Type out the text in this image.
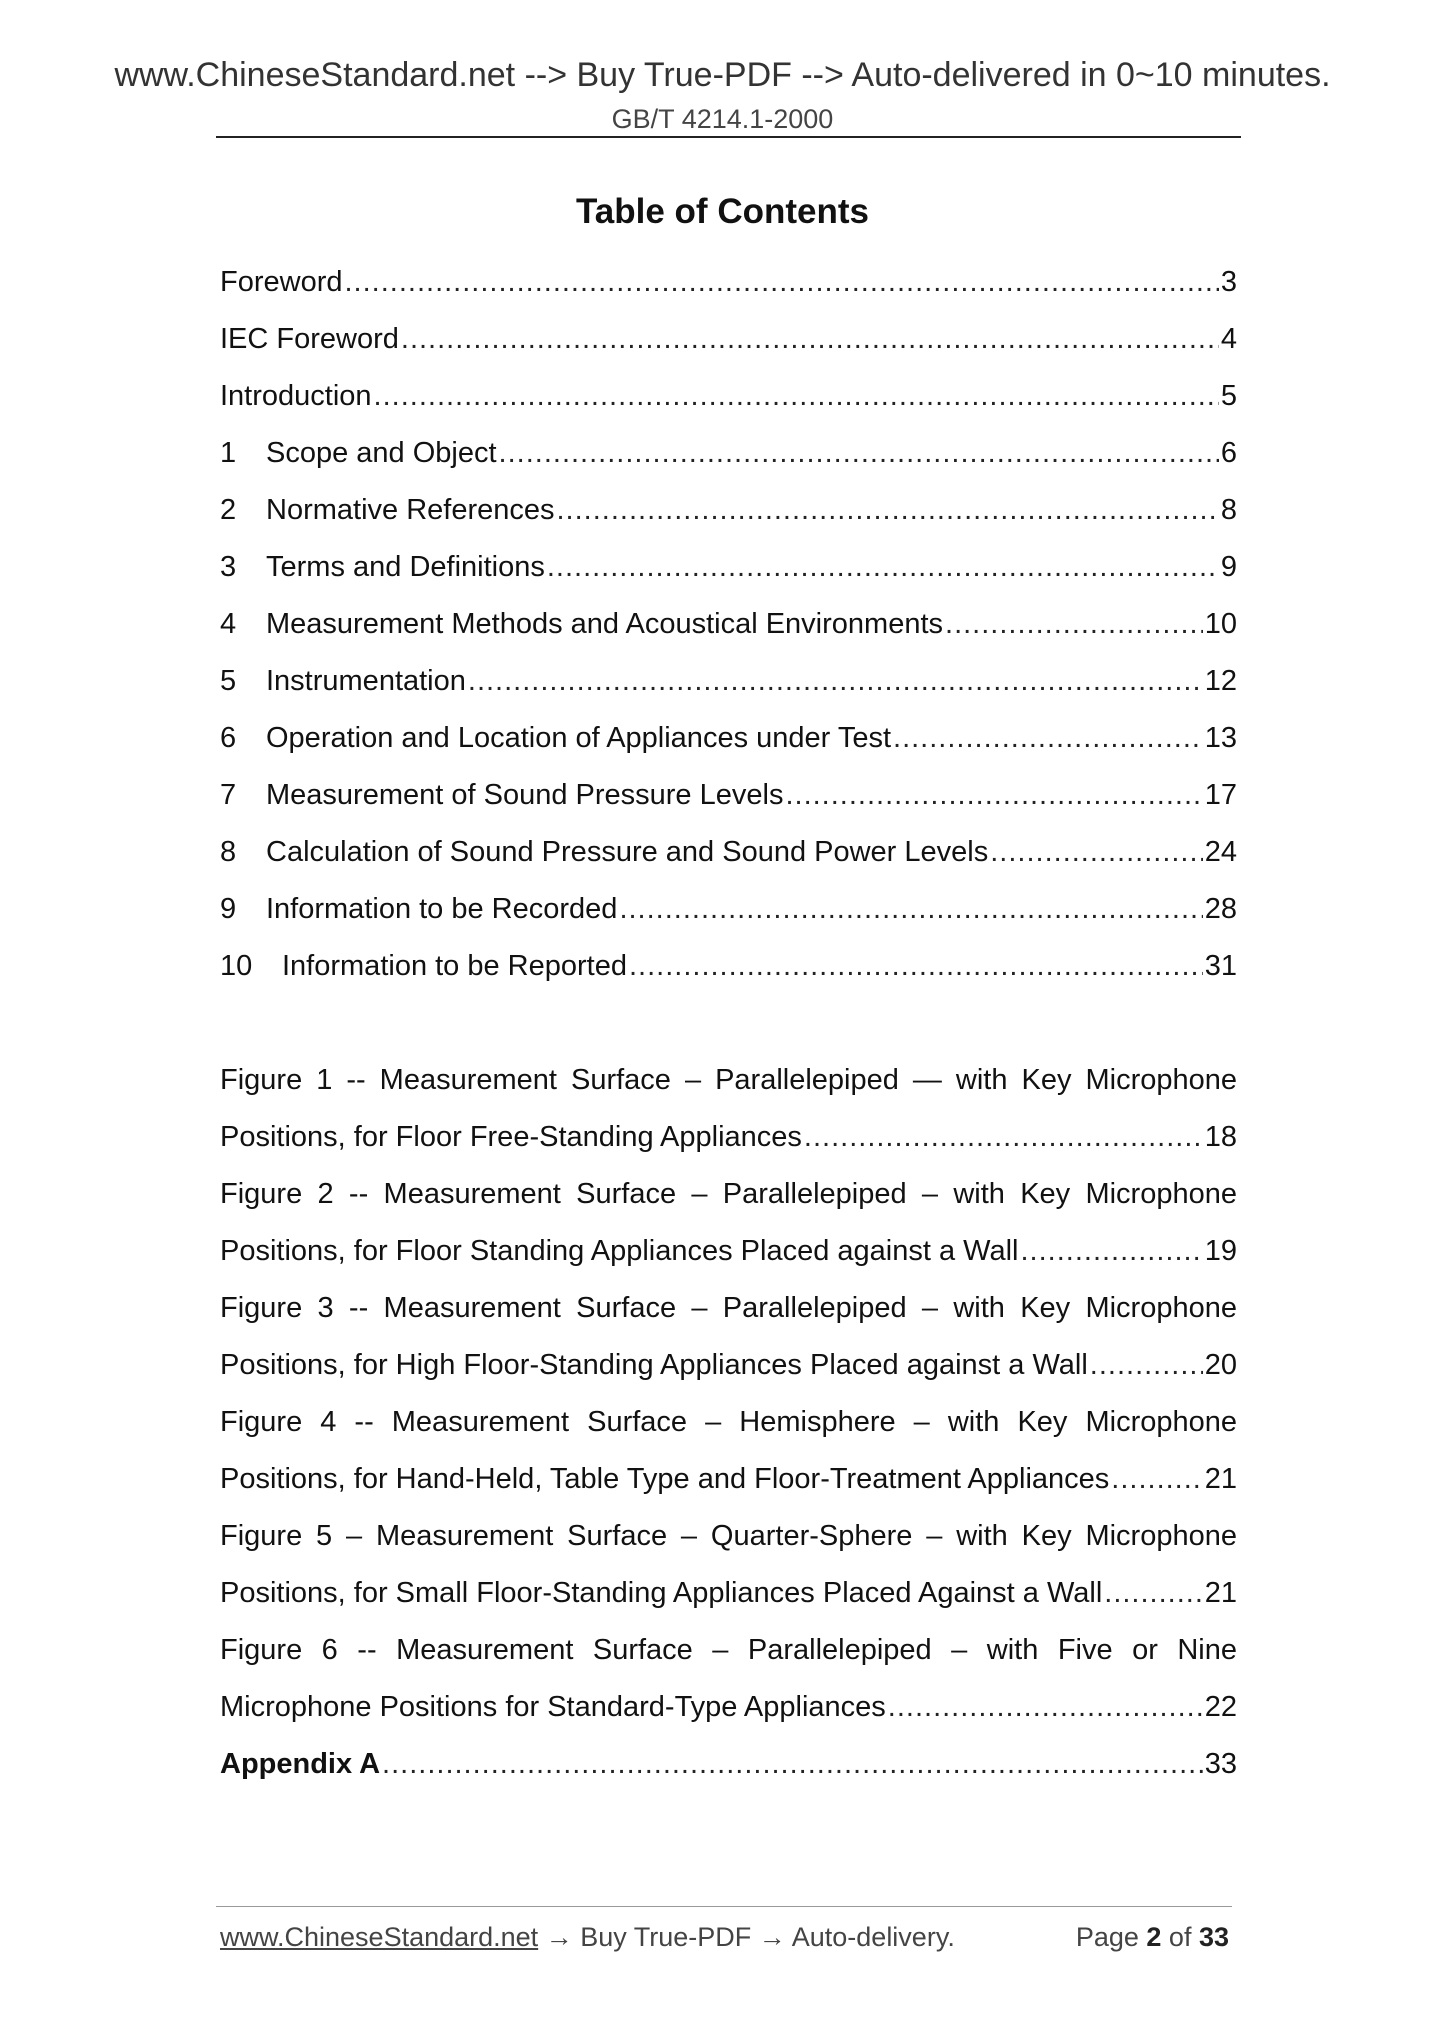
www.ChineseStandard.net --> Buy True-PDF --> Auto-delivered in 0~10 minutes.
GB/T 4214.1-2000
Table of Contents
Foreword .....	3
IEC Foreword .....	4
Introduction .....	5
1	Scope and Object .....	6
2	Normative References .....	8
3	Terms and Definitions .....	9
4	Measurement Methods and Acoustical Environments .....	10
5	Instrumentation .....	12
6	Operation and Location of Appliances under Test .....	13
7	Measurement of Sound Pressure Levels .....	17
8	Calculation of Sound Pressure and Sound Power Levels .....	24
9	Information to be Recorded .....	28
10	Information to be Reported .....	31
Figure 1 -- Measurement Surface – Parallelepiped — with Key Microphone
Positions, for Floor Free-Standing Appliances .....	18
Figure 2 -- Measurement Surface – Parallelepiped – with Key Microphone
Positions, for Floor Standing Appliances Placed against a Wall .....	19
Figure 3 -- Measurement Surface – Parallelepiped – with Key Microphone
Positions, for High Floor-Standing Appliances Placed against a Wall .....	20
Figure 4 -- Measurement Surface – Hemisphere – with Key Microphone
Positions, for Hand-Held, Table Type and Floor-Treatment Appliances .....	21
Figure 5 – Measurement Surface – Quarter-Sphere – with Key Microphone
Positions, for Small Floor-Standing Appliances Placed Against a Wall .....	21
Figure 6 -- Measurement Surface – Parallelepiped – with Five or Nine
Microphone Positions for Standard-Type Appliances .....	22
Appendix A .....	33
www.ChineseStandard.net → Buy True-PDF → Auto-delivery.	Page 2 of 33
